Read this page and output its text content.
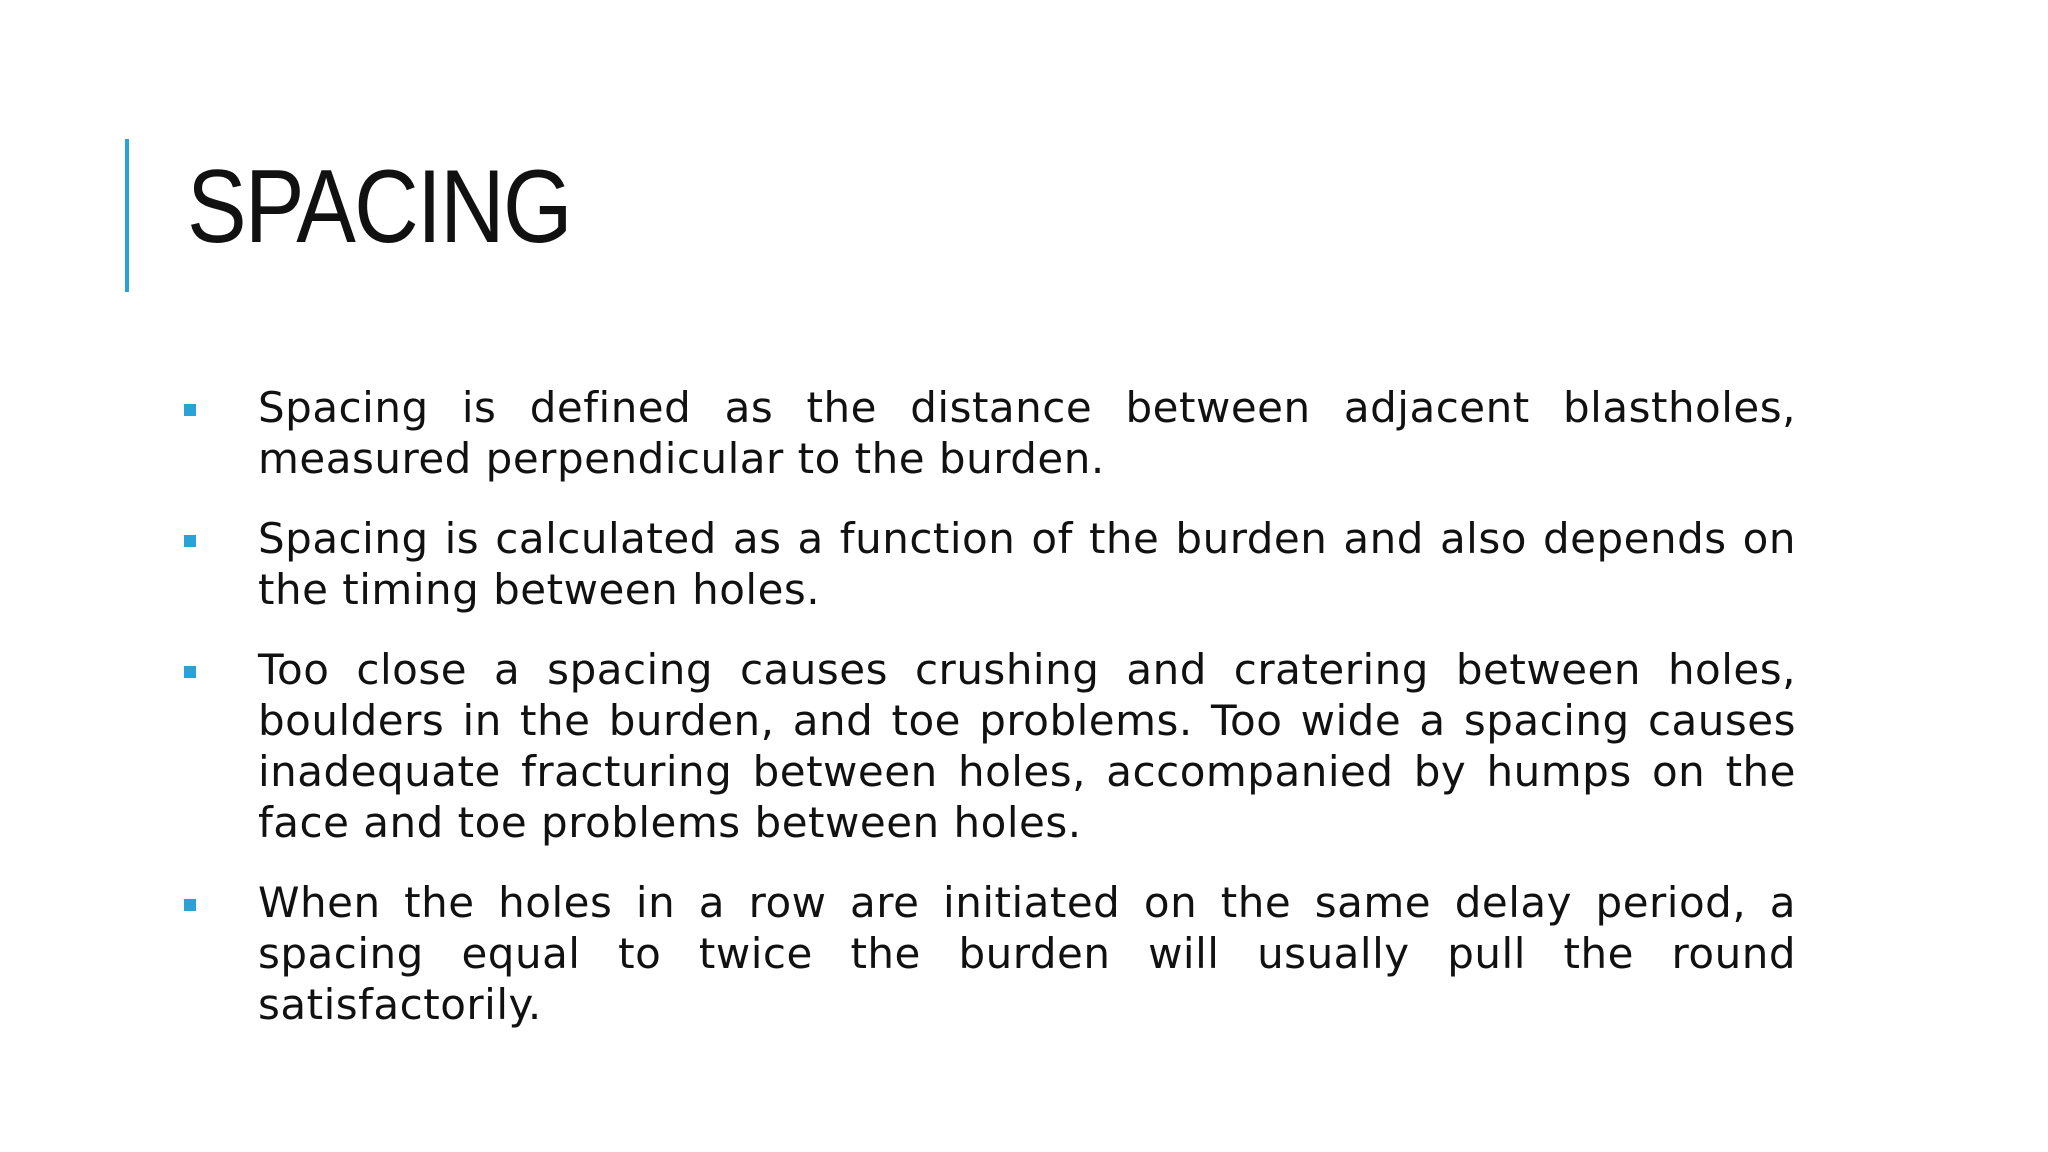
SPACING
Spacing is defined as the distance between adjacent blastholes, measured perpendicular to the burden.
Spacing is calculated as a function of the burden and also depends on the timing between holes.
Too close a spacing causes crushing and cratering between holes, boulders in the burden, and toe problems. Too wide a spacing causes inadequate fracturing between holes, accompanied by humps on the face and toe problems between holes.
When the holes in a row are initiated on the same delay period, a spacing equal to twice the burden will usually pull the round satisfactorily.
